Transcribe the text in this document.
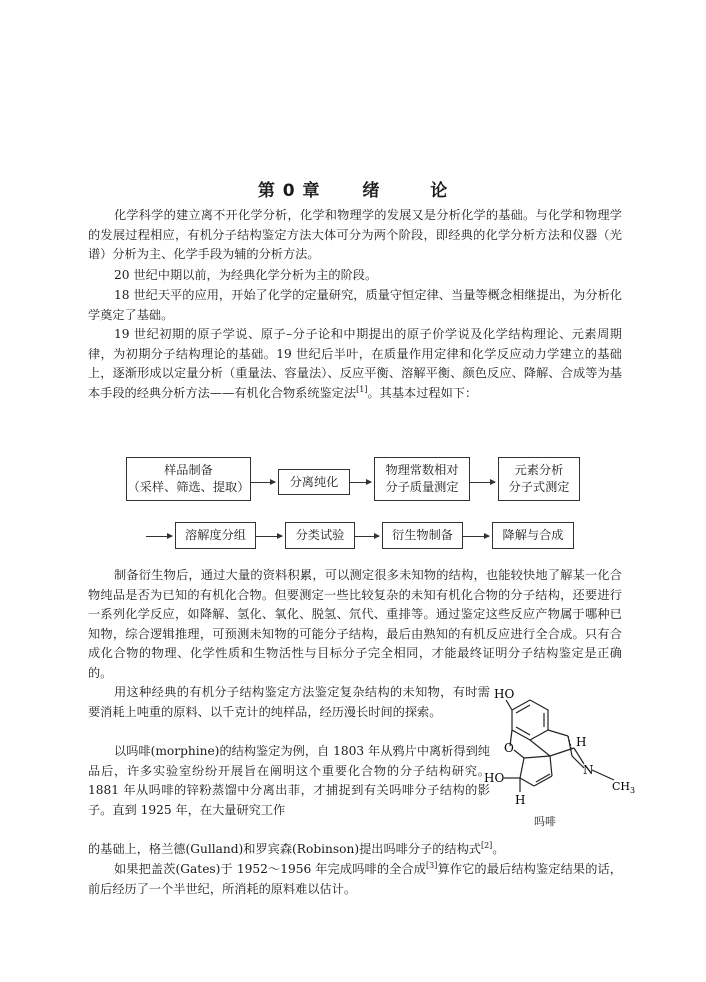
第 0 章 绪	论

化学科学的建立离不开化学分析，化学和物理学的发展又是分析化学的基础。与化学和物理学的发展过程相应，有机分子结构鉴定方法大体可分为两个阶段，即经典的化学分析方法和仪器（光谱）分析为主、化学手段为辅的分析方法。

20 世纪中期以前，为经典化学分析为主的阶段。

18 世纪天平的应用，开始了化学的定量研究，质量守恒定律、当量等概念相继提出，为分析化学奠定了基础。

19 世纪初期的原子学说、原子–分子论和中期提出的原子价学说及化学结构理论、元素周期律，为初期分子结构理论的基础。19 世纪后半叶，在质量作用定律和化学反应动力学建立的基础上，逐渐形成以定量分析（重量法、容量法）、反应平衡、溶解平衡、颜色反应、降解、合成等为基本手段的经典分析方法——有机化合物系统鉴定法[1]。其基本过程如下：

样品制备
（采样、筛选、提取）	分离纯化
物理常数相对
分子质量测定
元素分析
分子式测定
溶解度分组	分类试验	衍生物制备	降解与合成

制备衍生物后，通过大量的资料积累，可以测定很多未知物的结构，也能较快地了解某一化合物纯品是否为已知的有机化合物。但要测定一些比较复杂的未知有机化合物的分子结构，还要进行一系列化学反应，如降解、氢化、氧化、脱氢、氘代、重排等。通过鉴定这些反应产物属于哪种已知物，综合逻辑推理，可预测未知物的可能分子结构，最后由熟知的有机反应进行全合成。只有合成化合物的物理、化学性质和生物活性与目标分子完全相同，才能最终证明分子结构鉴定是正确的。

用这种经典的有机分子结构鉴定方法鉴定复杂结构的未知物，有时需要消耗上吨重的原料、以千克计的纯样品，经历漫长时间的探索。

以吗啡(morphine)的结构鉴定为例，自 1803 年从鸦片中离析得到纯品后，许多实验室纷纷开展旨在阐明这个重要化合物的分子结构研究。1881 年从吗啡的锌粉蒸馏中分离出菲，才捕捉到有关吗啡分子结构的影子。直到 1925 年，在大量研究工作

的基础上，格兰德(Gulland)和罗宾森(Robinson)提出吗啡分子的结构式[2]。

如果把盖茨(Gates)于 1952～1956 年完成吗啡的全合成[3]算作它的最后结构鉴定结果的话，前后经历了一个半世纪，所消耗的原料难以估计。

HO
O
HO
H
H
N
$CH_3$
吗啡
